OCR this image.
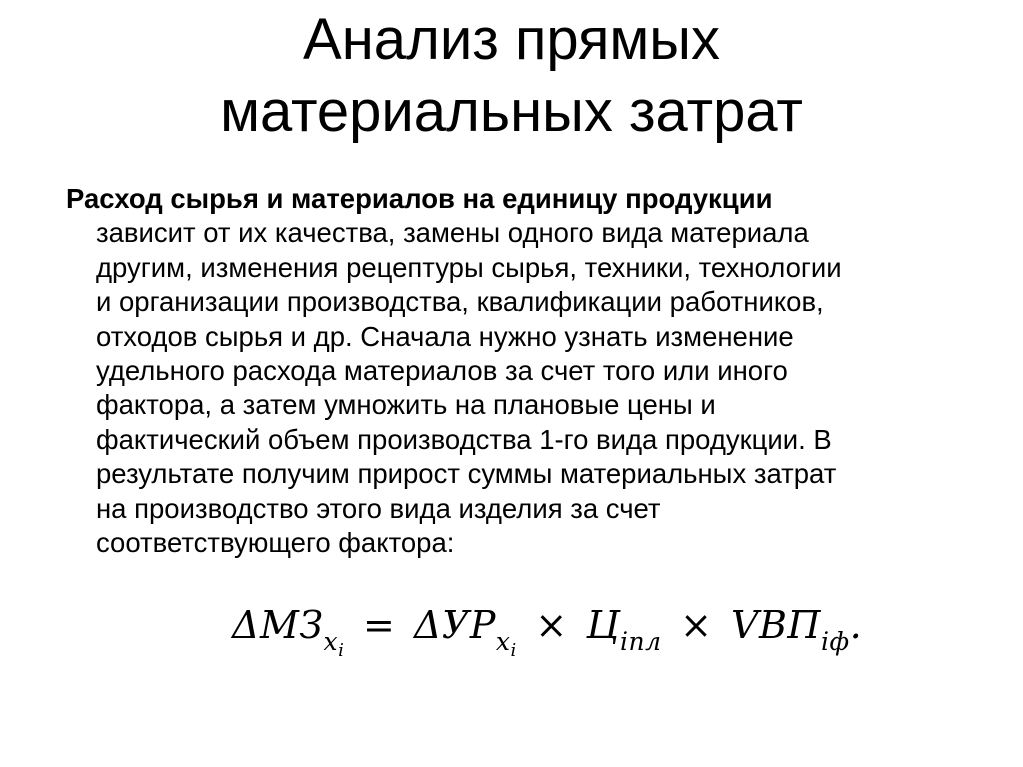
Анализ прямых
материальных затрат
Расход сырья и материалов на единицу продукции
зависит от их качества, замены одного вида материала
другим, изменения рецептуры сырья, техники, технологии
и организации производства, квалификации работников,
отходов сырья и др. Сначала нужно узнать изменение
удельного расхода материалов за счет того или иного
фактора, а затем умножить на плановые цены и
фактический объем производства 1-го вида продукции. В
результате получим прирост суммы материальных затрат
на производство этого вида изделия за счет
соответствующего фактора:
$\Delta МЗ_{xi} = \Delta УР_{xi} \times Ц_{iпл} \times VВП_{iф}$.
